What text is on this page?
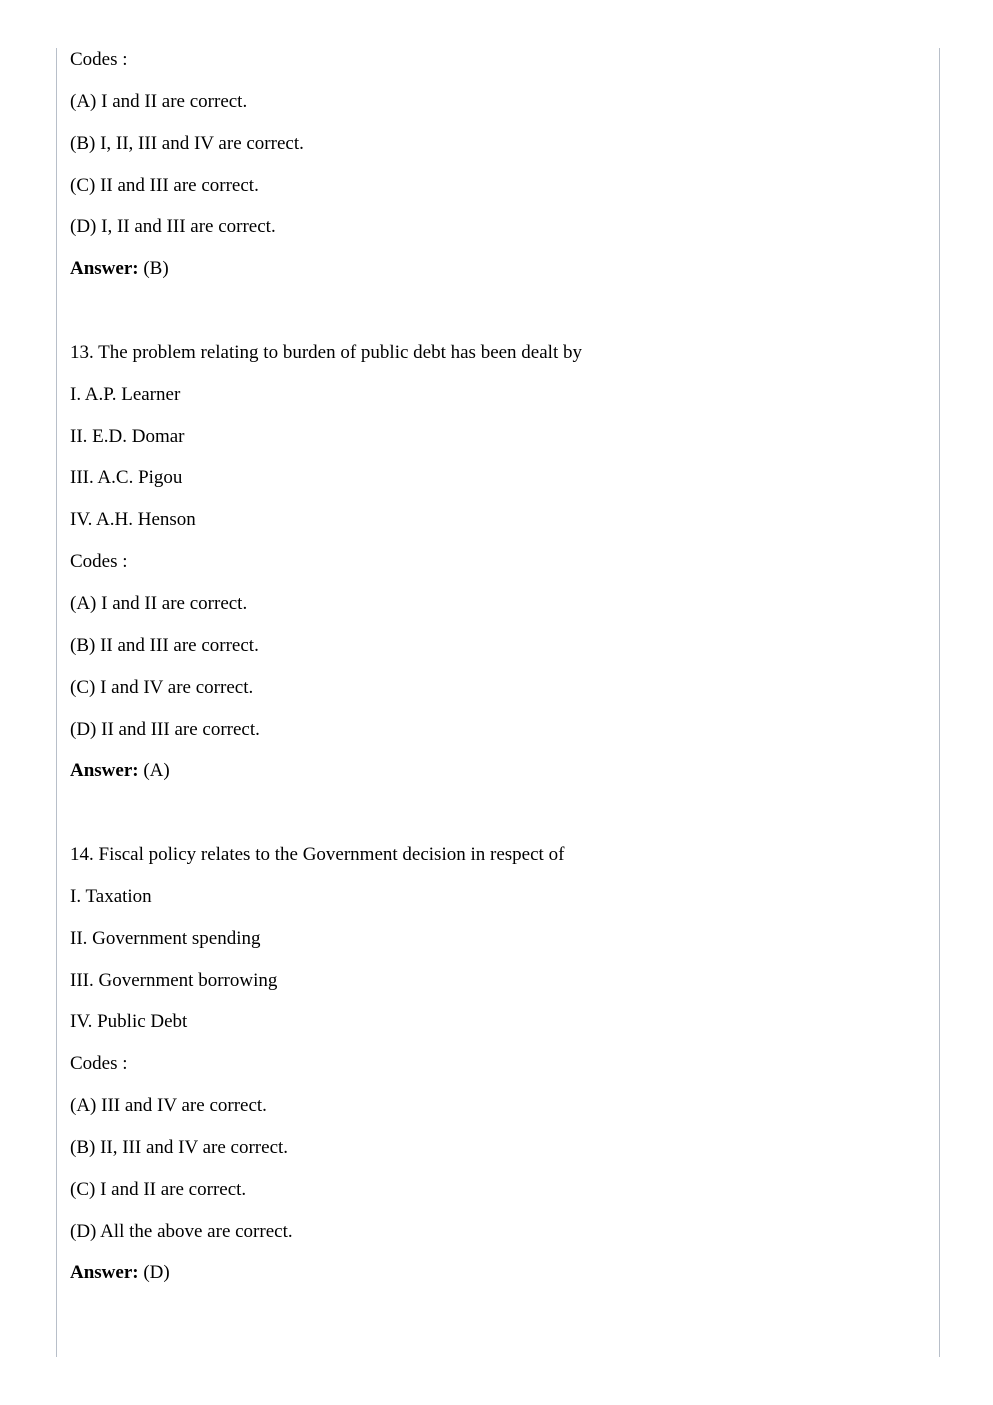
Codes :
(A) I and II are correct.
(B) I, II, III and IV are correct.
(C) II and III are correct.
(D) I, II and III are correct.
Answer: (B)
13. The problem relating to burden of public debt has been dealt by
I. A.P. Learner
II. E.D. Domar
III. A.C. Pigou
IV. A.H. Henson
Codes :
(A) I and II are correct.
(B) II and III are correct.
(C) I and IV are correct.
(D) II and III are correct.
Answer: (A)
14. Fiscal policy relates to the Government decision in respect of
I. Taxation
II. Government spending
III. Government borrowing
IV. Public Debt
Codes :
(A) III and IV are correct.
(B) II, III and IV are correct.
(C) I and II are correct.
(D) All the above are correct.
Answer: (D)
